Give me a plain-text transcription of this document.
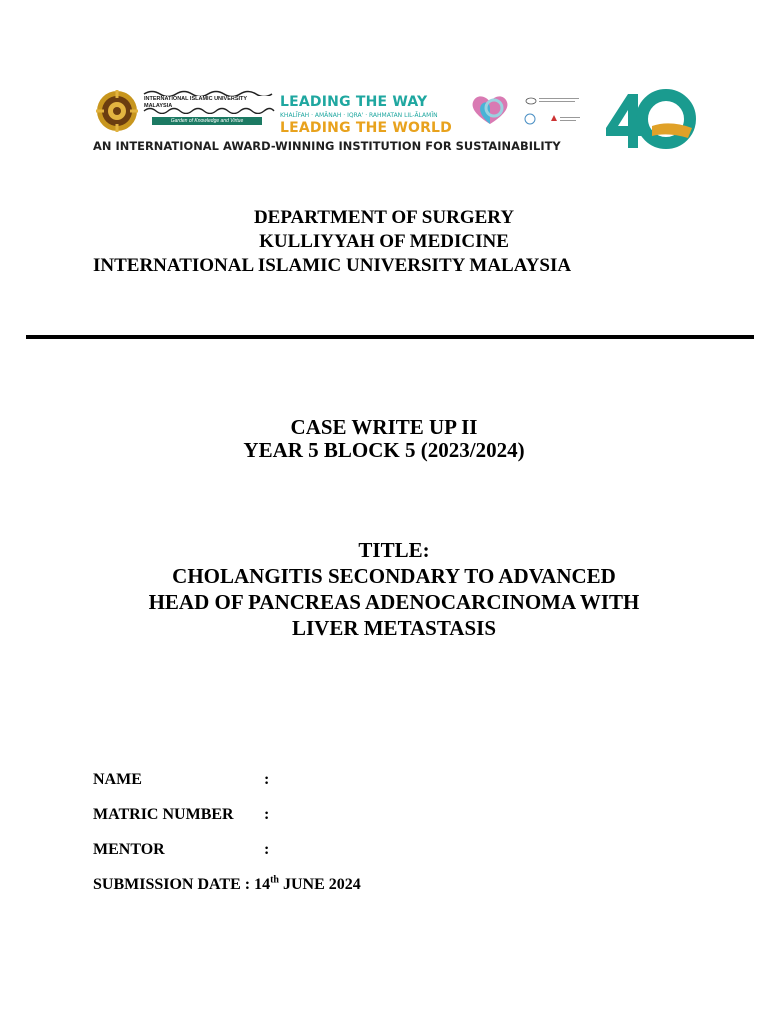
INTERNATIONAL ISLAMIC UNIVERSITY MALAYSIA
Garden of Knowledge and Virtue
LEADING THE WAY
KHALĪFAH · AMĀNAH · IQRA' · RAHMATAN LIL-ĀLAMĪN
LEADING THE WORLD
AN INTERNATIONAL AWARD-WINNING INSTITUTION FOR SUSTAINABILITY
DEPARTMENT OF SURGERY
KULLIYYAH OF MEDICINE
INTERNATIONAL ISLAMIC UNIVERSITY MALAYSIA
CASE WRITE UP II
YEAR 5 BLOCK 5 (2023/2024)
TITLE:
CHOLANGITIS SECONDARY TO ADVANCED
HEAD OF PANCREAS ADENOCARCINOMA WITH
LIVER METASTASIS
NAME	:
MATRIC NUMBER :
MENTOR	:
SUBMISSION DATE : 14th JUNE 2024
